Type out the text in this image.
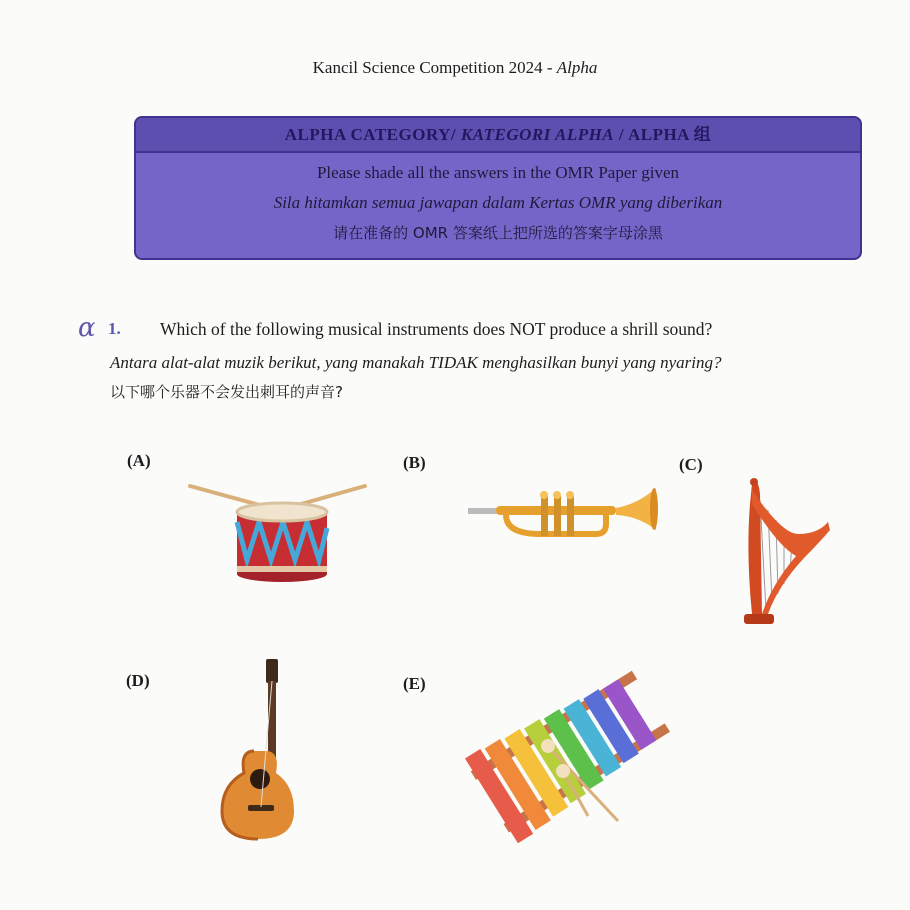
Kancil Science Competition 2024 - Alpha
ALPHA CATEGORY/ KATEGORI ALPHA / ALPHA 组
Please shade all the answers in the OMR Paper given
Sila hitamkan semua jawapan dalam Kertas OMR yang diberikan
请在准备的 OMR 答案纸上把所选的答案字母涂黑
α 1. Which of the following musical instruments does NOT produce a shrill sound?
Antara alat-alat muzik berikut, yang manakah TIDAK menghasilkan bunyi yang nyaring?
以下哪个乐器不会发出刺耳的声音?
(A)	(B)	(C)
(D)	(E)
